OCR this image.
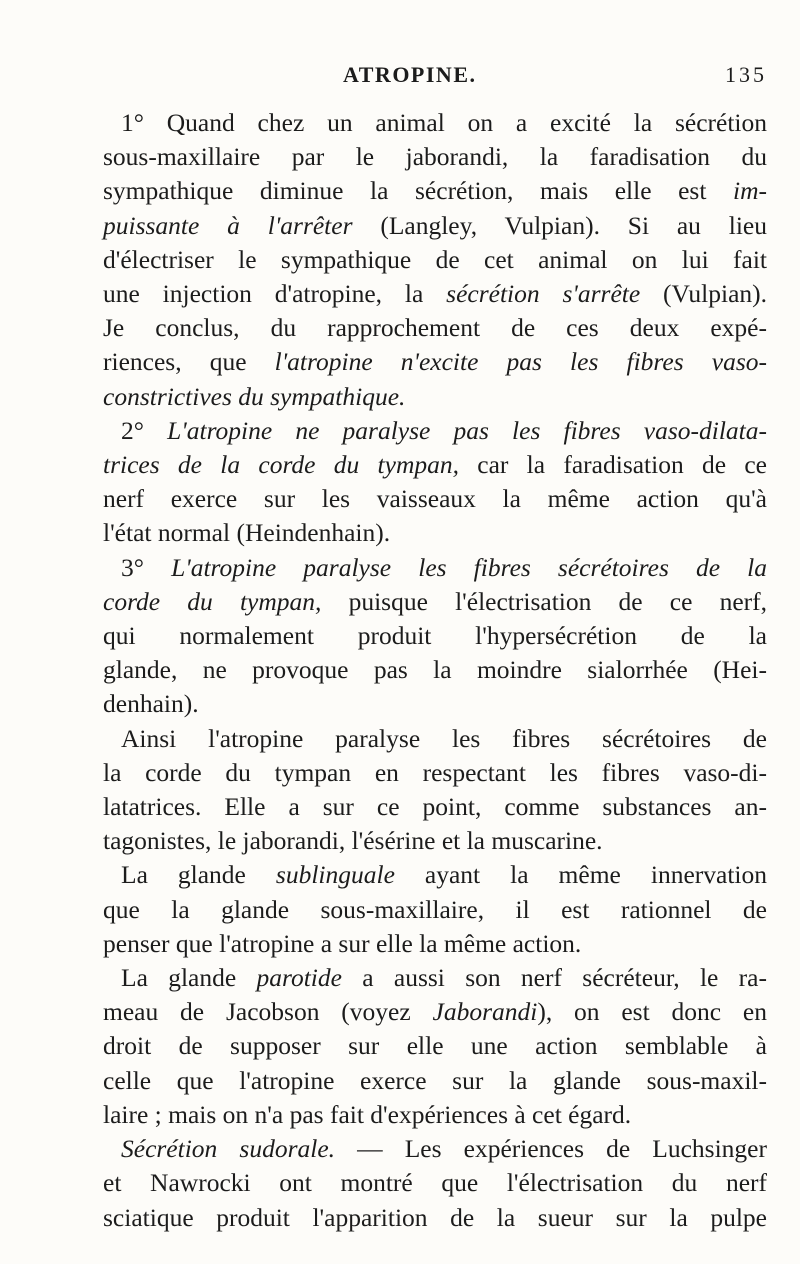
ATROPINE.	135
1° Quand chez un animal on a excité la sécrétion
sous-maxillaire par le jaborandi, la faradisation du
sympathique diminue la sécrétion, mais elle est im-
puissante à l'arrêter (Langley, Vulpian). Si au lieu
d'électriser le sympathique de cet animal on lui fait
une injection d'atropine, la sécrétion s'arrête (Vulpian).
Je conclus, du rapprochement de ces deux expé-
riences, que l'atropine n'excite pas les fibres vaso-
constrictives du sympathique.
2° L'atropine ne paralyse pas les fibres vaso-dilata-
trices de la corde du tympan, car la faradisation de ce
nerf exerce sur les vaisseaux la même action qu'à
l'état normal (Heindenhain).
3° L'atropine paralyse les fibres sécrétoires de la
corde du tympan, puisque l'électrisation de ce nerf,
qui normalement produit l'hypersécrétion de la
glande, ne provoque pas la moindre sialorrhée (Hei-
denhain).
Ainsi l'atropine paralyse les fibres sécrétoires de
la corde du tympan en respectant les fibres vaso-di-
latatrices. Elle a sur ce point, comme substances an-
tagonistes, le jaborandi, l'ésérine et la muscarine.
La glande sublinguale ayant la même innervation
que la glande sous-maxillaire, il est rationnel de
penser que l'atropine a sur elle la même action.
La glande parotide a aussi son nerf sécréteur, le ra-
meau de Jacobson (voyez Jaborandi), on est donc en
droit de supposer sur elle une action semblable à
celle que l'atropine exerce sur la glande sous-maxil-
laire ; mais on n'a pas fait d'expériences à cet égard.
Sécrétion sudorale. — Les expériences de Luchsinger
et Nawrocki ont montré que l'électrisation du nerf
sciatique produit l'apparition de la sueur sur la pulpe
